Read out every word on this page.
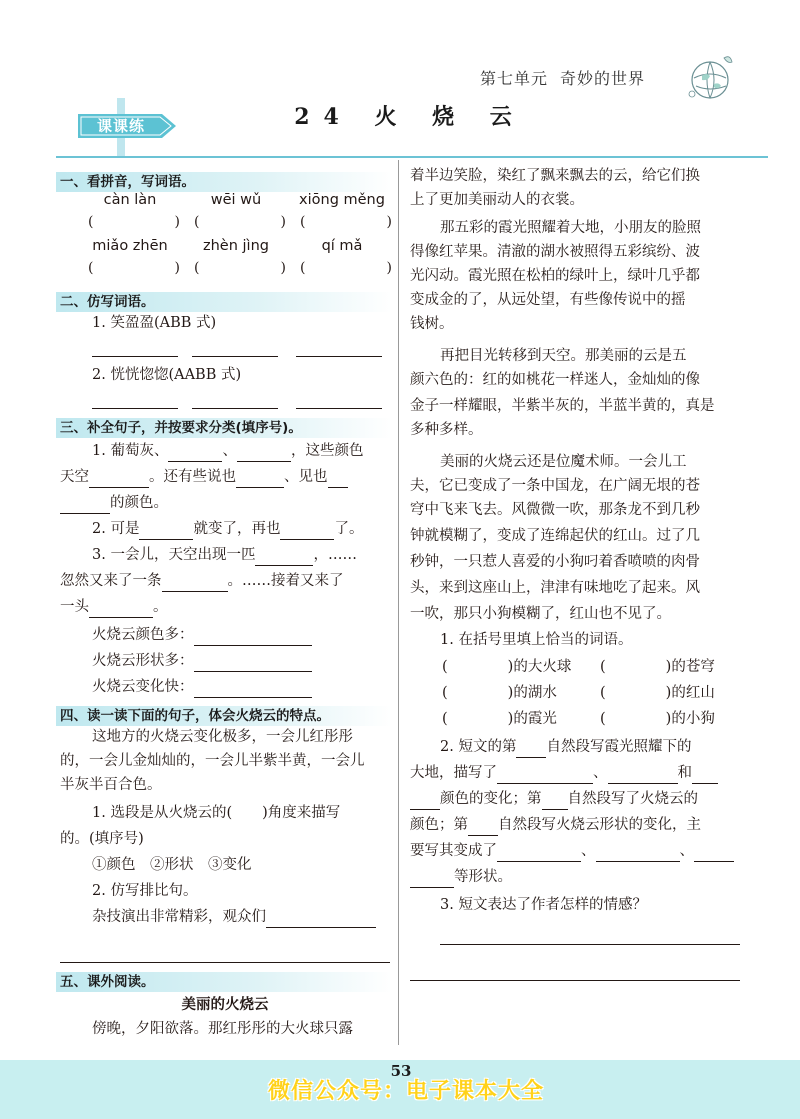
第七单元 奇妙的世界
课课练	24 火 烧 云
一、看拼音，写词语。
càn làn	wēi wǔ	xiōng měng
(	) (	) (	)
miǎo zhēn	zhèn jìng	qí mǎ
(	) (	) (	)
二、仿写词语。
1. 笑盈盈(ABB 式)
2. 恍恍惚惚(AABB 式)
三、补全句子，并按要求分类(填序号)。
1. 葡萄灰、	、	，这些颜色
天空	。还有些说也	、见也
的颜色。
2. 可是	就变了，再也	了。
3. 一会儿，天空出现一匹	，……
忽然又来了一条	。……接着又来了
一头	。
火烧云颜色多：
火烧云形状多：
火烧云变化快：
四、读一读下面的句子，体会火烧云的特点。
这地方的火烧云变化极多，一会儿红彤彤
的，一会儿金灿灿的，一会儿半紫半黄，一会儿
半灰半百合色。
1. 选段是从火烧云的( )角度来描写
的。(填序号)
①颜色　②形状　③变化
2. 仿写排比句。
杂技演出非常精彩，观众们
五、课外阅读。
美丽的火烧云
傍晚，夕阳欲落。那红彤彤的大火球只露
着半边笑脸，染红了飘来飘去的云，给它们换
上了更加美丽动人的衣裳。
那五彩的霞光照耀着大地，小朋友的脸照
得像红苹果。清澈的湖水被照得五彩缤纷、波
光闪动。霞光照在松柏的绿叶上，绿叶几乎都
变成金的了，从远处望，有些像传说中的摇
钱树。
再把目光转移到天空。那美丽的云是五
颜六色的：红的如桃花一样迷人，金灿灿的像
金子一样耀眼，半紫半灰的，半蓝半黄的，真是
多种多样。
美丽的火烧云还是位魔术师。一会儿工
夫，它已变成了一条中国龙，在广阔无垠的苍
穹中飞来飞去。风微微一吹，那条龙不到几秒
钟就模糊了，变成了连绵起伏的红山。过了几
秒钟，一只惹人喜爱的小狗叼着香喷喷的肉骨
头，来到这座山上，津津有味地吃了起来。风
一吹，那只小狗模糊了，红山也不见了。
1. 在括号里填上恰当的词语。
(	)的大火球 (	)的苍穹
(	)的湖水	(	)的红山
(	)的霞光	(	)的小狗
2. 短文的第 自然段写霞光照耀下的
大地，描写了	、	和
颜色的变化；第 自然段写了火烧云的
颜色；第 自然段写火烧云形状的变化，主
要写其变成了	、	、
等形状。
3. 短文表达了作者怎样的情感？
53
微信公众号：电子课本大全
